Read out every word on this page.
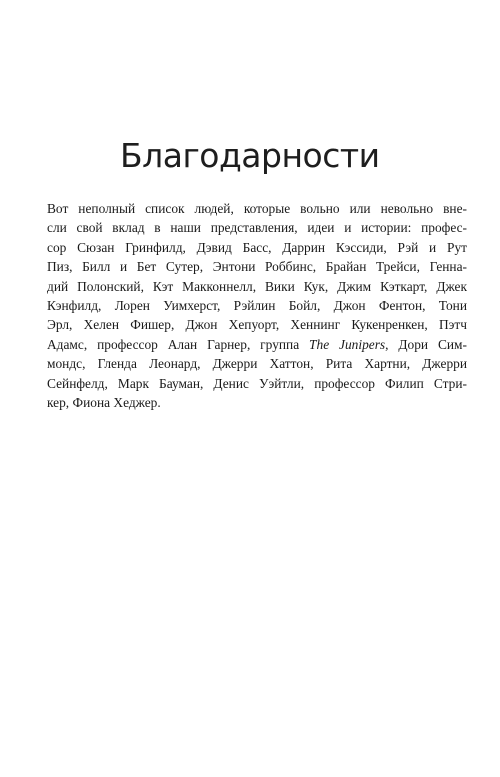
Благодарности
Вот неполный список людей, которые вольно или невольно вне-
сли свой вклад в наши представления, идеи и истории: профес-
сор Сюзан Гринфилд, Дэвид Басс, Даррин Кэссиди, Рэй и Рут
Пиз, Билл и Бет Сутер, Энтони Роббинс, Брайан Трейси, Генна-
дий Полонский, Кэт Макконнелл, Вики Кук, Джим Кэткарт, Джек
Кэнфилд, Лорен Уимхерст, Рэйлин Бойл, Джон Фентон, Тони
Эрл, Хелен Фишер, Джон Хепуорт, Хеннинг Кукенренкен, Пэтч
Адамс, профессор Алан Гарнер, группа The Junipers, Дори Сим-
мондс, Гленда Леонард, Джерри Хаттон, Рита Хартни, Джерри
Сейнфелд, Марк Бауман, Денис Уэйтли, профессор Филип Стри-
кер, Фиона Хеджер.
